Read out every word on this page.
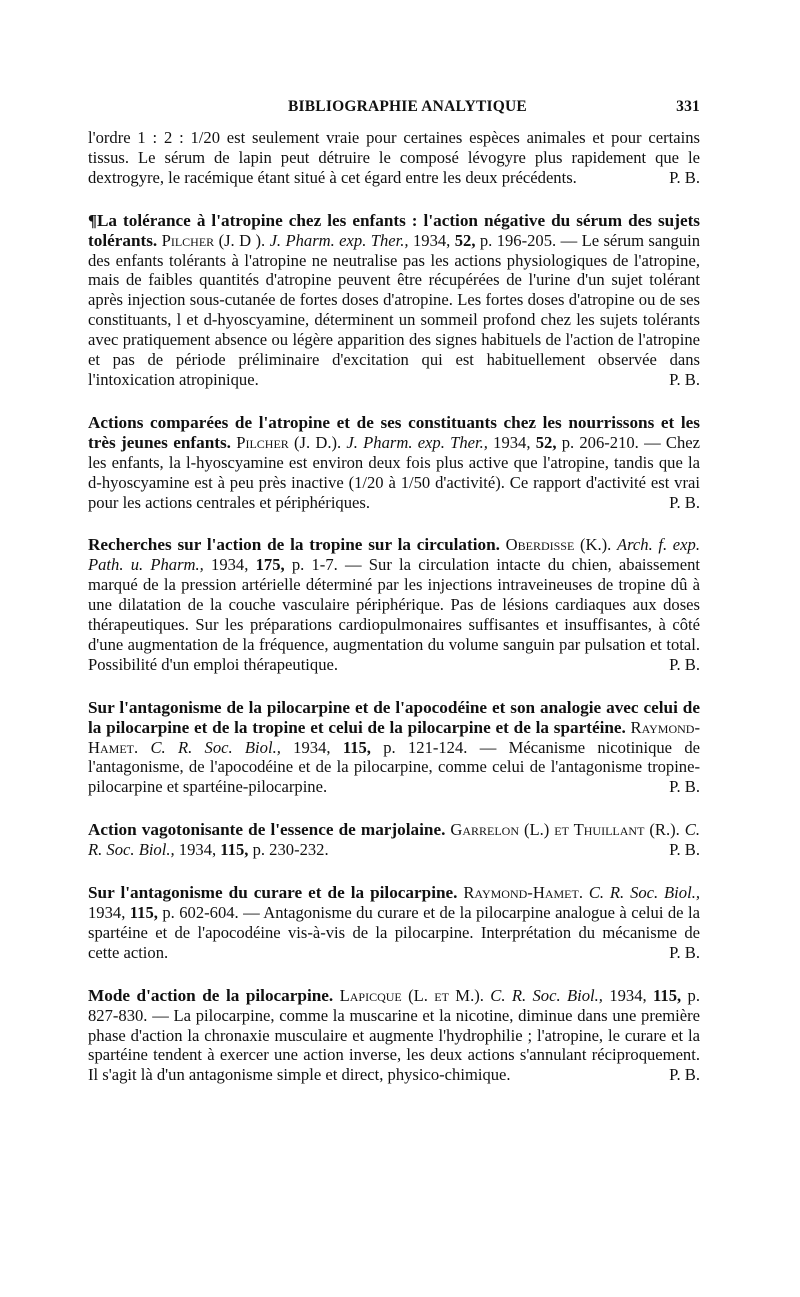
BIBLIOGRAPHIE ANALYTIQUE	331

l'ordre 1 : 2 : 1/20 est seulement vraie pour certaines espèces animales et pour certains tissus. Le sérum de lapin peut détruire le composé lévogyre plus rapidement que le dextrogyre, le racémique étant situé à cet égard entre les deux précédents.	P. B.

¶La tolérance à l'atropine chez les enfants : l'action négative du sérum des sujets tolérants. Pilcher (J. D ). J. Pharm. exp. Ther., 1934, 52, p. 196-205. — Le sérum sanguin des enfants tolérants à l'atropine ne neutralise pas les actions physiologiques de l'atropine, mais de faibles quantités d'atropine peuvent être récupérées de l'urine d'un sujet tolérant après injection sous-cutanée de fortes doses d'atropine. Les fortes doses d'atropine ou de ses constituants, l et d-hyoscyamine, déterminent un sommeil profond chez les sujets tolérants avec pratiquement absence ou légère apparition des signes habituels de l'action de l'atropine et pas de période préliminaire d'excitation qui est habituellement observée dans l'intoxication atropinique.	P. B.

Actions comparées de l'atropine et de ses constituants chez les nourrissons et les très jeunes enfants. Pilcher (J. D.). J. Pharm. exp. Ther., 1934, 52, p. 206-210. — Chez les enfants, la l-hyoscyamine est environ deux fois plus active que l'atropine, tandis que la d-hyoscyamine est à peu près inactive (1/20 à 1/50 d'activité). Ce rapport d'activité est vrai pour les actions centrales et périphériques.	P. B.

Recherches sur l'action de la tropine sur la circulation. Oberdisse (K.). Arch. f. exp. Path. u. Pharm., 1934, 175, p. 1-7. — Sur la circulation intacte du chien, abaissement marqué de la pression artérielle déterminé par les injections intraveineuses de tropine dû à une dilatation de la couche vasculaire périphérique. Pas de lésions cardiaques aux doses thérapeutiques. Sur les préparations cardiopulmonaires suffisantes et insuffisantes, à côté d'une augmentation de la fréquence, augmentation du volume sanguin par pulsation et total. Possibilité d'un emploi thérapeutique.	P. B.

Sur l'antagonisme de la pilocarpine et de l'apocodéine et son analogie avec celui de la pilocarpine et de la tropine et celui de la pilocarpine et de la spartéine. Raymond-Hamet. C. R. Soc. Biol., 1934, 115, p. 121-124. — Mécanisme nicotinique de l'antagonisme, de l'apocodéine et de la pilocarpine, comme celui de l'antagonisme tropine-pilocarpine et spartéine-pilocarpine.	P. B.

Action vagotonisante de l'essence de marjolaine. Garrelon (L.) et Thuillant (R.). C. R. Soc. Biol., 1934, 115, p. 230-232.	P. B.

Sur l'antagonisme du curare et de la pilocarpine. Raymond-Hamet. C. R. Soc. Biol., 1934, 115, p. 602-604. — Antagonisme du curare et de la pilocarpine analogue à celui de la spartéine et de l'apocodéine vis-à-vis de la pilocarpine. Interprétation du mécanisme de cette action.	P. B.

Mode d'action de la pilocarpine. Lapicque (L. et M.). C. R. Soc. Biol., 1934, 115, p. 827-830. — La pilocarpine, comme la muscarine et la nicotine, diminue dans une première phase d'action la chronaxie musculaire et augmente l'hydrophilie ; l'atropine, le curare et la spartéine tendent à exercer une action inverse, les deux actions s'annulant réciproquement. Il s'agit là d'un antagonisme simple et direct, physico-chimique.	P. B.
